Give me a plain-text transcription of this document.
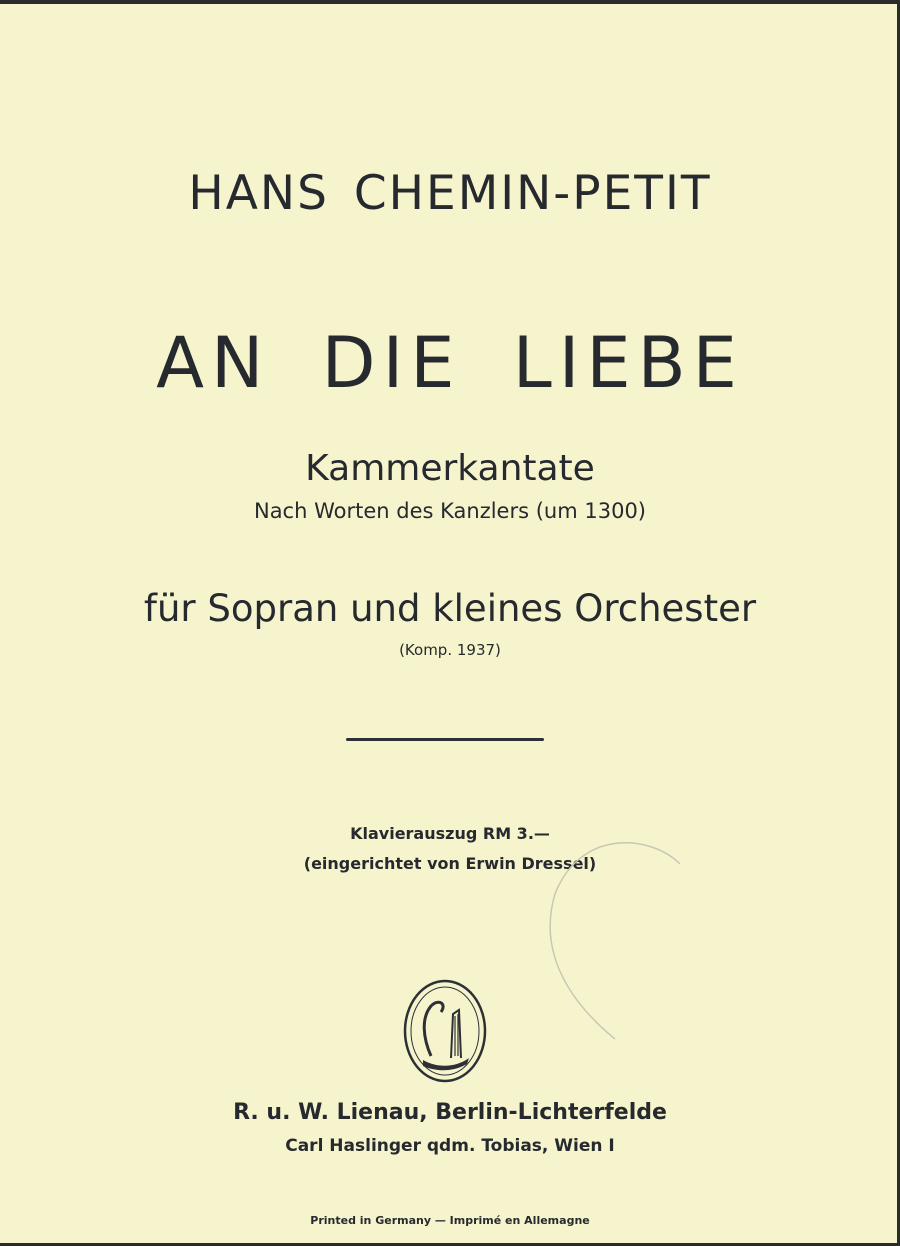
HANS CHEMIN-PETIT
AN DIE LIEBE
Kammerkantate
Nach Worten des Kanzlers (um 1300)
für Sopran und kleines Orchester
(Komp. 1937)
Klavierauszug RM 3.—
(eingerichtet von Erwin Dressel)
R. u. W. Lienau, Berlin-Lichterfelde
Carl Haslinger qdm. Tobias, Wien I
Printed in Germany — Imprimé en Allemagne
